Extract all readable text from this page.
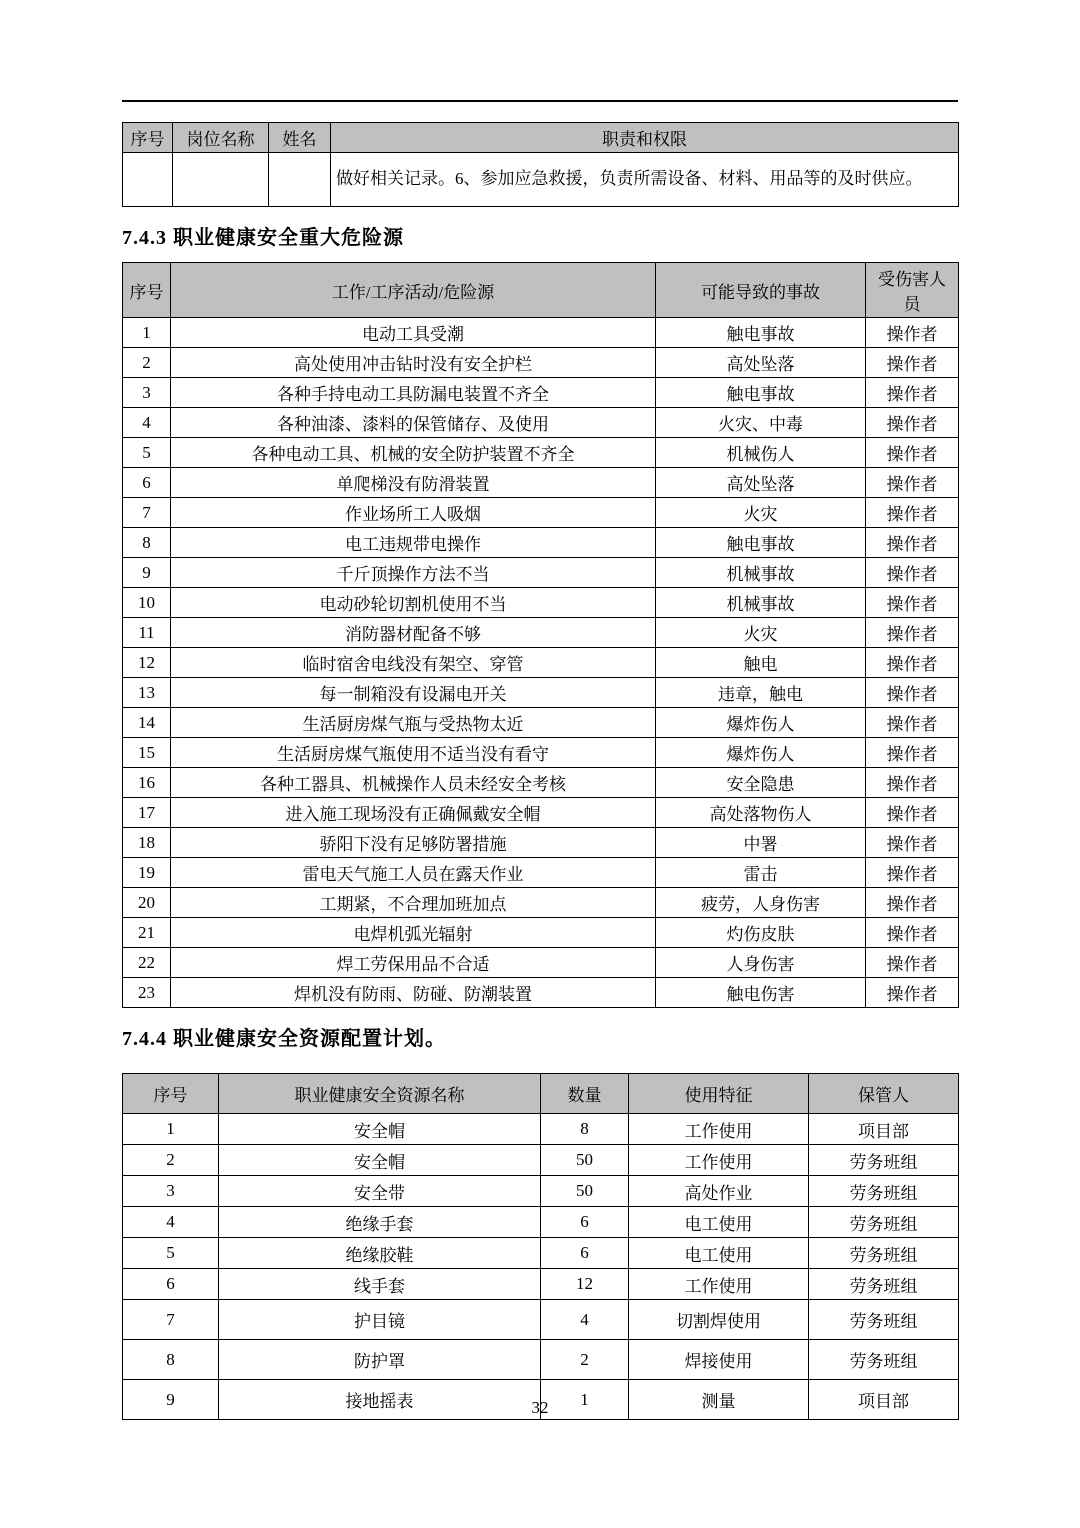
序号	岗位名称	姓名	职责和权限
			做好相关记录。6、参加应急救援，负责所需设备、材料、用品等的及时供应。
7.4.3 职业健康安全重大危险源
序号	工作/工序活动/危险源	可能导致的事故	受伤害人员
1	电动工具受潮	触电事故	操作者
2	高处使用冲击钻时没有安全护栏	高处坠落	操作者
3	各种手持电动工具防漏电装置不齐全	触电事故	操作者
4	各种油漆、漆料的保管储存、及使用	火灾、中毒	操作者
5	各种电动工具、机械的安全防护装置不齐全	机械伤人	操作者
6	单爬梯没有防滑装置	高处坠落	操作者
7	作业场所工人吸烟	火灾	操作者
8	电工违规带电操作	触电事故	操作者
9	千斤顶操作方法不当	机械事故	操作者
10	电动砂轮切割机使用不当	机械事故	操作者
11	消防器材配备不够	火灾	操作者
12	临时宿舍电线没有架空、穿管	触电	操作者
13	每一制箱没有设漏电开关	违章，触电	操作者
14	生活厨房煤气瓶与受热物太近	爆炸伤人	操作者
15	生活厨房煤气瓶使用不适当没有看守	爆炸伤人	操作者
16	各种工器具、机械操作人员未经安全考核	安全隐患	操作者
17	进入施工现场没有正确佩戴安全帽	高处落物伤人	操作者
18	骄阳下没有足够防署措施	中署	操作者
19	雷电天气施工人员在露天作业	雷击	操作者
20	工期紧，不合理加班加点	疲劳，人身伤害	操作者
21	电焊机弧光辐射	灼伤皮肤	操作者
22	焊工劳保用品不合适	人身伤害	操作者
23	焊机没有防雨、防碰、防潮装置	触电伤害	操作者
7.4.4 职业健康安全资源配置计划。
序号	职业健康安全资源名称	数量	使用特征	保管人
1	安全帽	8	工作使用	项目部
2	安全帽	50	工作使用	劳务班组
3	安全带	50	高处作业	劳务班组
4	绝缘手套	6	电工使用	劳务班组
5	绝缘胶鞋	6	电工使用	劳务班组
6	线手套	12	工作使用	劳务班组
7	护目镜	4	切割焊使用	劳务班组
8	防护罩	2	焊接使用	劳务班组
9	接地摇表	1	测量	项目部
32
